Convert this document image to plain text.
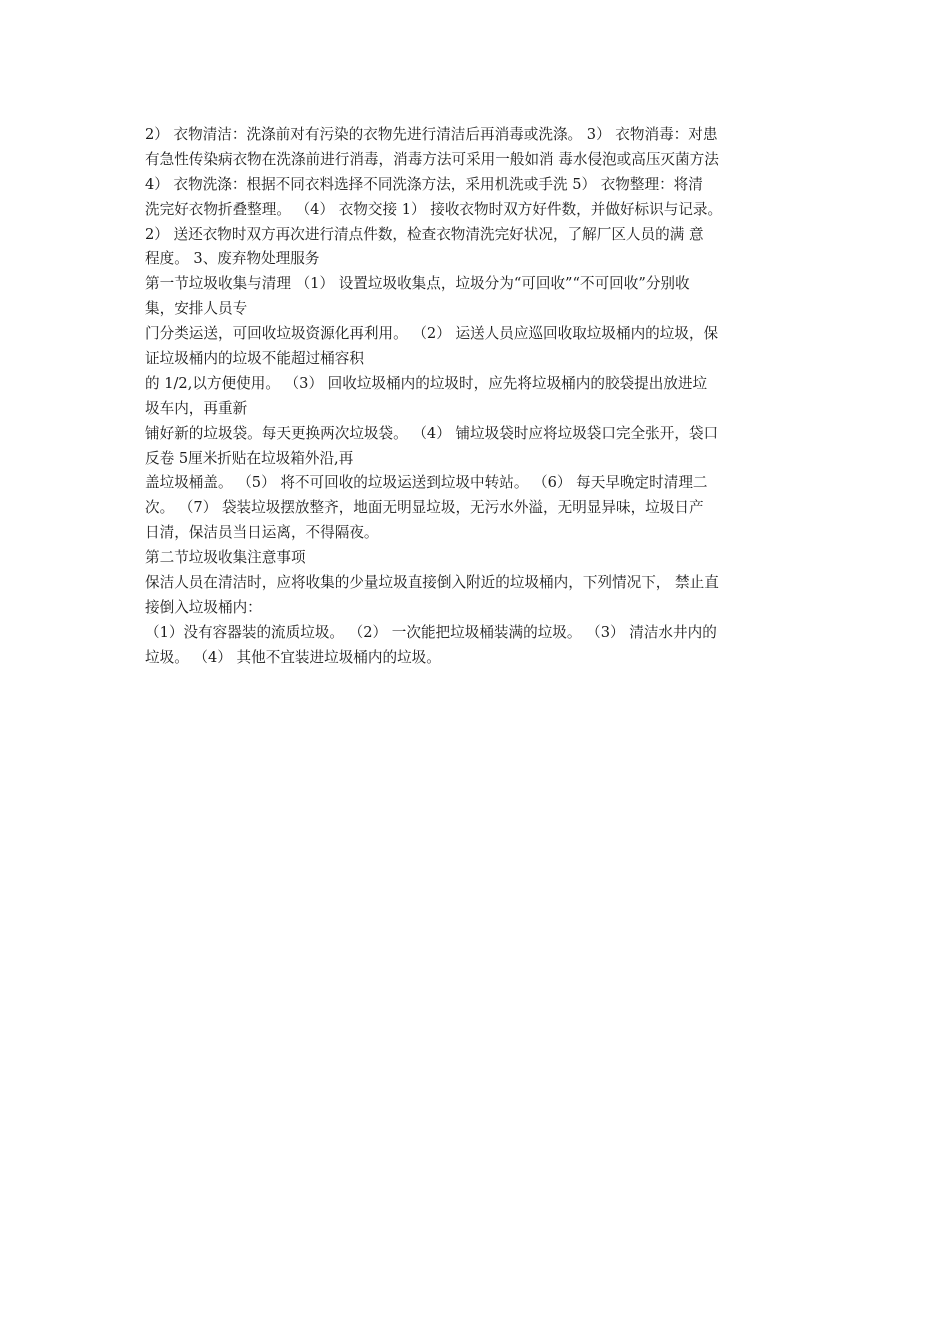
2） 衣物清洁：洗涤前对有污染的衣物先进行清洁后再消毒或洗涤。 3） 衣物消毒：对患
有急性传染病衣物在洗涤前进行消毒，消毒方法可采用一般如消 毒水侵泡或高压灭菌方法
4） 衣物洗涤：根据不同衣料选择不同洗涤方法，采用机洗或手洗 5） 衣物整理：将清
洗完好衣物折叠整理。 （4） 衣物交接 1） 接收衣物时双方好件数，并做好标识与记录。
2） 送还衣物时双方再次进行清点件数，检查衣物清洗完好状况，了解厂区人员的满 意
程度。 3、废弃物处理服务
第一节垃圾收集与清理 （1） 设置垃圾收集点，垃圾分为“可回收”“不可回收”分别收
集，安排人员专
门分类运送，可回收垃圾资源化再利用。 （2） 运送人员应巡回收取垃圾桶内的垃圾，保
证垃圾桶内的垃圾不能超过桶容积
的 1/2,以方便使用。 （3） 回收垃圾桶内的垃圾时，应先将垃圾桶内的胶袋提出放进垃
圾车内，再重新
铺好新的垃圾袋。每天更换两次垃圾袋。 （4） 铺垃圾袋时应将垃圾袋口完全张开，袋口
反卷 5厘米折贴在垃圾箱外沿,再
盖垃圾桶盖。 （5） 将不可回收的垃圾运送到垃圾中转站。 （6） 每天早晚定时清理二
次。 （7） 袋装垃圾摆放整齐，地面无明显垃圾，无污水外溢，无明显异味，垃圾日产
日清，保洁员当日运离，不得隔夜。
第二节垃圾收集注意事项
保洁人员在清洁时，应将收集的少量垃圾直接倒入附近的垃圾桶内，下列情况下， 禁止直
接倒入垃圾桶内：
（1）没有容器装的流质垃圾。 （2） 一次能把垃圾桶装满的垃圾。 （3） 清洁水井内的
垃圾。 （4） 其他不宜装进垃圾桶内的垃圾。
